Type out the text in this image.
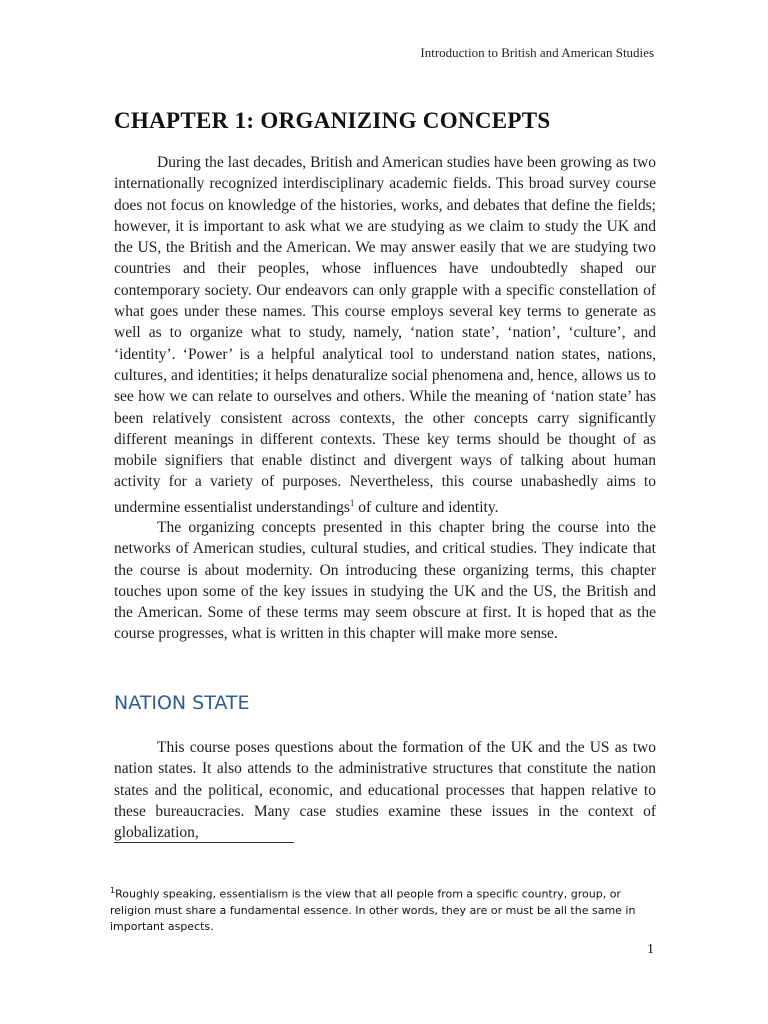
Introduction to British and American Studies
CHAPTER 1: ORGANIZING CONCEPTS

During the last decades, British and American studies have been growing as two internationally recognized interdisciplinary academic fields. This broad survey course does not focus on knowledge of the histories, works, and debates that define the fields; however, it is important to ask what we are studying as we claim to study the UK and the US, the British and the American. We may answer easily that we are studying two countries and their peoples, whose influences have undoubtedly shaped our contemporary society. Our endeavors can only grapple with a specific constellation of what goes under these names. This course employs several key terms to generate as well as to organize what to study, namely, ‘nation state’, ‘nation’, ‘culture’, and ‘identity’. ‘Power’ is a helpful analytical tool to understand nation states, nations, cultures, and identities; it helps denaturalize social phenomena and, hence, allows us to see how we can relate to ourselves and others. While the meaning of ‘nation state’ has been relatively consistent across contexts, the other concepts carry significantly different meanings in different contexts. These key terms should be thought of as mobile signifiers that enable distinct and divergent ways of talking about human activity for a variety of purposes. Nevertheless, this course unabashedly aims to undermine essentialist understandings$^1$ of culture and identity.

The organizing concepts presented in this chapter bring the course into the networks of American studies, cultural studies, and critical studies. They indicate that the course is about modernity. On introducing these organizing terms, this chapter touches upon some of the key issues in studying the UK and the US, the British and the American. Some of these terms may seem obscure at first. It is hoped that as the course progresses, what is written in this chapter will make more sense.

NATION STATE

This course poses questions about the formation of the UK and the US as two nation states. It also attends to the administrative structures that constitute the nation states and the political, economic, and educational processes that happen relative to these bureaucracies. Many case studies examine these issues in the context of globalization,

$^1$Roughly speaking, essentialism is the view that all people from a specific country, group, or religion must share a fundamental essence. In other words, they are or must be all the same in important aspects.

1
